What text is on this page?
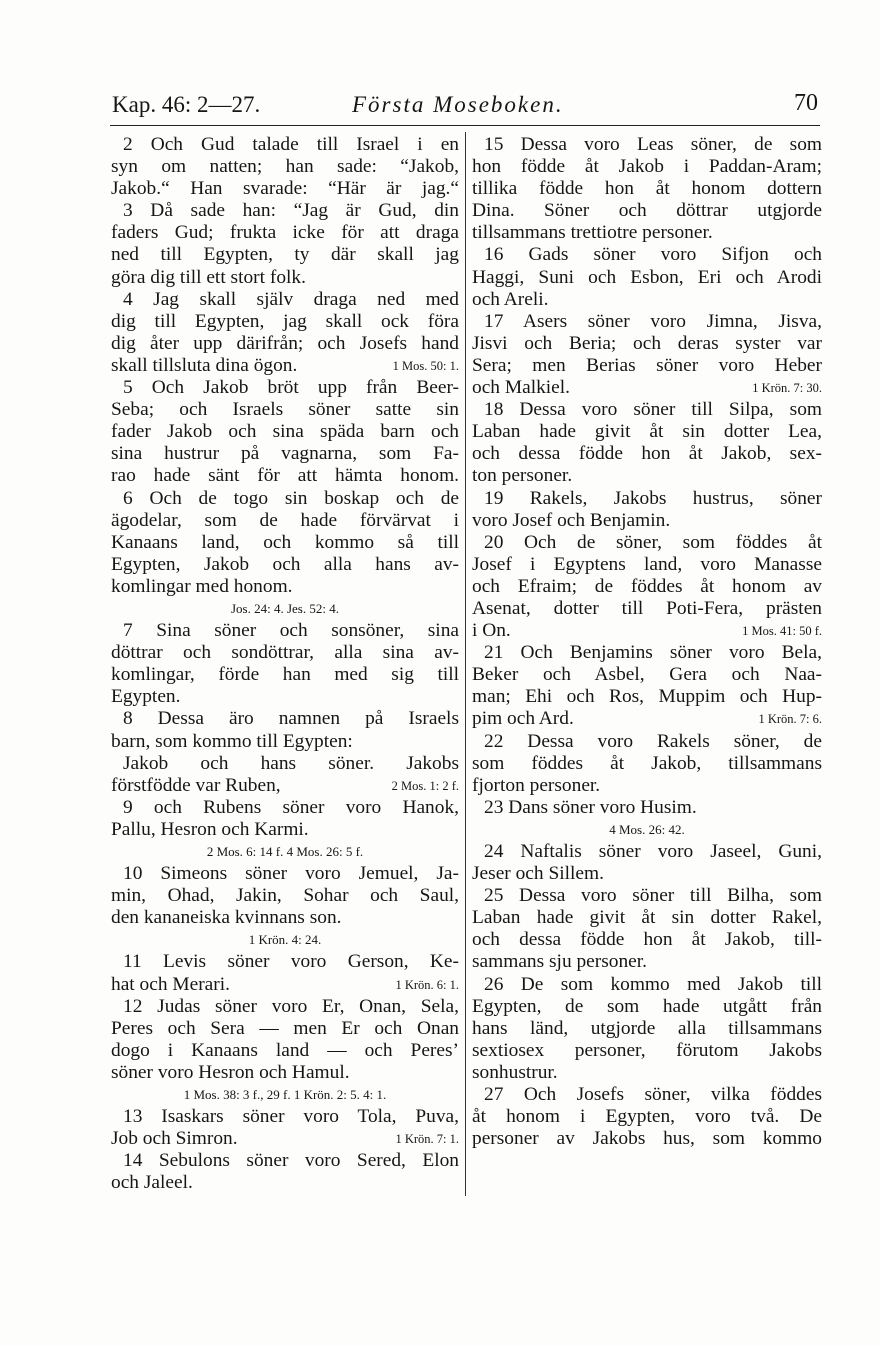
Kap. 46: 2—27.	Första Moseboken.	70
2 Och Gud talade till Israel i en
syn om natten; han sade: “Jakob,
Jakob.“ Han svarade: “Här är jag.“
3 Då sade han: “Jag är Gud, din
faders Gud; frukta icke för att draga
ned till Egypten, ty där skall jag
göra dig till ett stort folk.
4 Jag skall själv draga ned med
dig till Egypten, jag skall ock föra
dig åter upp därifrån; och Josefs hand
skall tillsluta dina ögon.	1 Mos. 50: 1.
5 Och Jakob bröt upp från Beer-
Seba; och Israels söner satte sin
fader Jakob och sina späda barn och
sina hustrur på vagnarna, som Fa-
rao hade sänt för att hämta honom.
6 Och de togo sin boskap och de
ägodelar, som de hade förvärvat i
Kanaans land, och kommo så till
Egypten, Jakob och alla hans av-
komlingar med honom.
Jos. 24: 4. Jes. 52: 4.
7 Sina söner och sonsöner, sina
döttrar och sondöttrar, alla sina av-
komlingar, förde han med sig till
Egypten.
8 Dessa äro namnen på Israels
barn, som kommo till Egypten:
Jakob och hans söner. Jakobs
förstfödde var Ruben,	2 Mos. 1: 2 f.
9 och Rubens söner voro Hanok,
Pallu, Hesron och Karmi.
2 Mos. 6: 14 f. 4 Mos. 26: 5 f.
10 Simeons söner voro Jemuel, Ja-
min, Ohad, Jakin, Sohar och Saul,
den kananeiska kvinnans son.
1 Krön. 4: 24.
11 Levis söner voro Gerson, Ke-
hat och Merari.	1 Krön. 6: 1.
12 Judas söner voro Er, Onan, Sela,
Peres och Sera — men Er och Onan
dogo i Kanaans land — och Peres’
söner voro Hesron och Hamul.
1 Mos. 38: 3 f., 29 f. 1 Krön. 2: 5. 4: 1.
13 Isaskars söner voro Tola, Puva,
Job och Simron.	1 Krön. 7: 1.
14 Sebulons söner voro Sered, Elon
och Jaleel.
15 Dessa voro Leas söner, de som
hon födde åt Jakob i Paddan-Aram;
tillika födde hon åt honom dottern
Dina. Söner och döttrar utgjorde
tillsammans trettiotre personer.
16 Gads söner voro Sifjon och
Haggi, Suni och Esbon, Eri och Arodi
och Areli.
17 Asers söner voro Jimna, Jisva,
Jisvi och Beria; och deras syster var
Sera; men Berias söner voro Heber
och Malkiel.	1 Krön. 7: 30.
18 Dessa voro söner till Silpa, som
Laban hade givit åt sin dotter Lea,
och dessa födde hon åt Jakob, sex-
ton personer.
19 Rakels, Jakobs hustrus, söner
voro Josef och Benjamin.
20 Och de söner, som föddes åt
Josef i Egyptens land, voro Manasse
och Efraim; de föddes åt honom av
Asenat, dotter till Poti-Fera, prästen
i On.	1 Mos. 41: 50 f.
21 Och Benjamins söner voro Bela,
Beker och Asbel, Gera och Naa-
man; Ehi och Ros, Muppim och Hup-
pim och Ard.	1 Krön. 7: 6.
22 Dessa voro Rakels söner, de
som föddes åt Jakob, tillsammans
fjorton personer.
23 Dans söner voro Husim.
4 Mos. 26: 42.
24 Naftalis söner voro Jaseel, Guni,
Jeser och Sillem.
25 Dessa voro söner till Bilha, som
Laban hade givit åt sin dotter Rakel,
och dessa födde hon åt Jakob, till-
sammans sju personer.
26 De som kommo med Jakob till
Egypten, de som hade utgått från
hans länd, utgjorde alla tillsammans
sextiosex personer, förutom Jakobs
sonhustrur.
27 Och Josefs söner, vilka föddes
åt honom i Egypten, voro två. De
personer av Jakobs hus, som kommo
